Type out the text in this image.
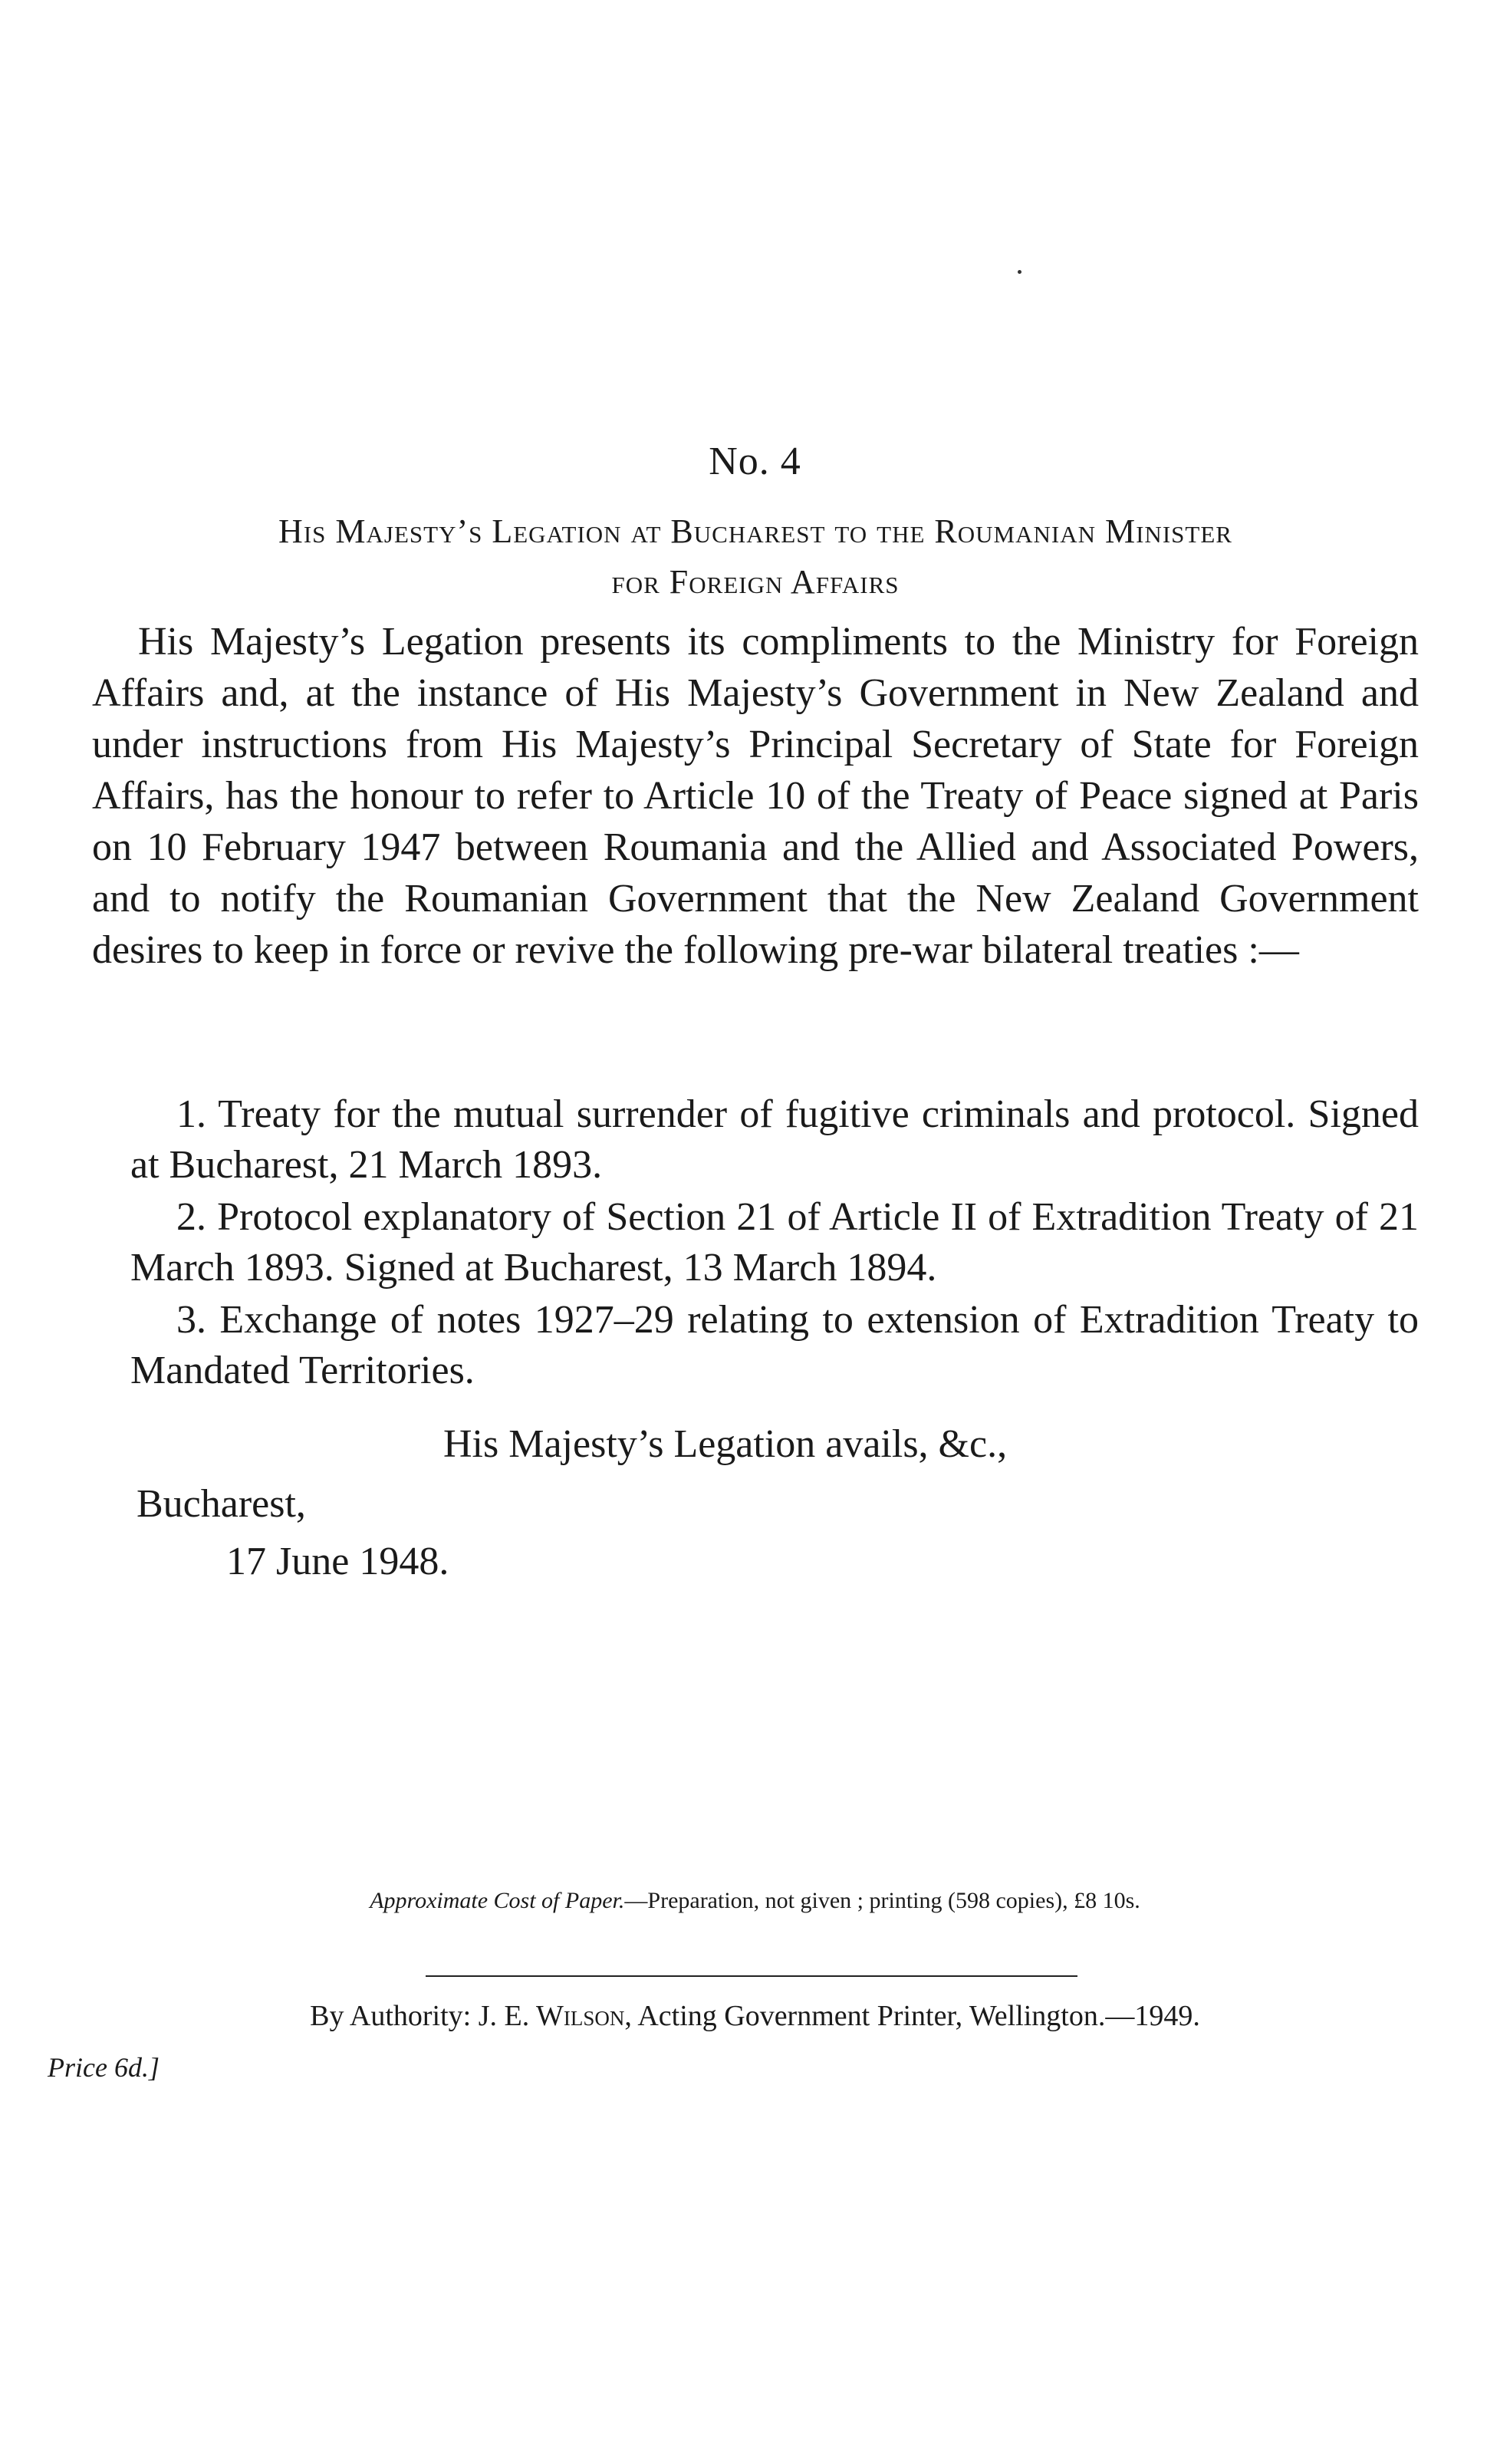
No. 4
His Majesty’s Legation at Bucharest to the Roumanian Minister
for Foreign Affairs

His Majesty’s Legation presents its compliments to the Ministry for Foreign Affairs and, at the instance of His Majesty’s Government in New Zealand and under instructions from His Majesty’s Principal Secretary of State for Foreign Affairs, has the honour to refer to Article 10 of the Treaty of Peace signed at Paris on 10 February 1947 between Roumania and the Allied and Associated Powers, and to notify the Roumanian Government that the New Zealand Government desires to keep in force or revive the following pre-war bilateral treaties :—

1. Treaty for the mutual surrender of fugitive criminals and protocol. Signed at Bucharest, 21 March 1893.
2. Protocol explanatory of Section 21 of Article II of Extradition Treaty of 21 March 1893. Signed at Bucharest, 13 March 1894.
3. Exchange of notes 1927–29 relating to extension of Extradition Treaty to Mandated Territories.
His Majesty’s Legation avails, &c.,
Bucharest,
17 June 1948.
Approximate Cost of Paper.—Preparation, not given ; printing (598 copies), £8 10s.
By Authority: J. E. Wilson, Acting Government Printer, Wellington.—1949.
Price 6d.]
